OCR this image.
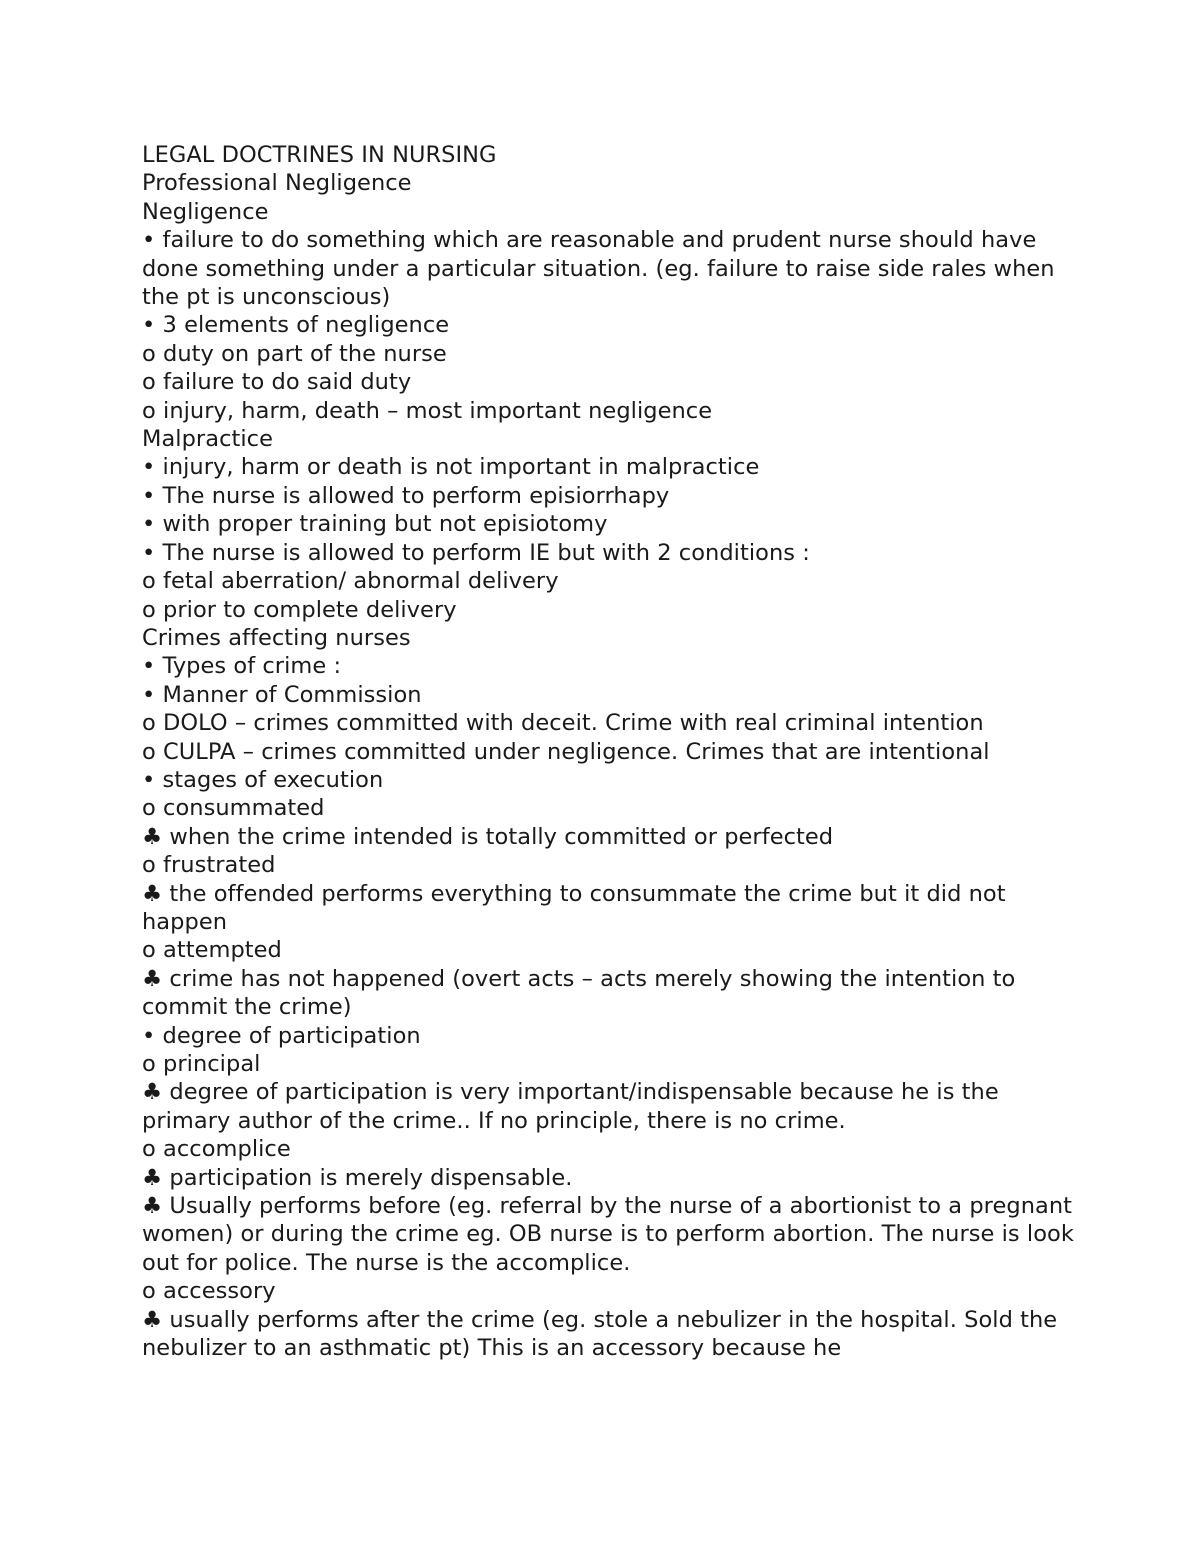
LEGAL DOCTRINES IN NURSING

Professional Negligence

Negligence

• failure to do something which are reasonable and prudent nurse should have done something under a particular situation. (eg. failure to raise side rales when the pt is unconscious)

• 3 elements of negligence

o duty on part of the nurse

o failure to do said duty

o injury, harm, death – most important negligence

Malpractice

• injury, harm or death is not important in malpractice

• The nurse is allowed to perform episiorrhapy

• with proper training but not episiotomy

• The nurse is allowed to perform IE but with 2 conditions :

o fetal aberration/ abnormal delivery

o prior to complete delivery

Crimes affecting nurses

• Types of crime :

• Manner of Commission

o DOLO – crimes committed with deceit. Crime with real criminal intention

o CULPA – crimes committed under negligence. Crimes that are intentional

• stages of execution

o consummated

♣ when the crime intended is totally committed or perfected

o frustrated

♣ the offended performs everything to consummate the crime but it did not happen

o attempted

♣ crime has not happened (overt acts – acts merely showing the intention to commit the crime)

• degree of participation

o principal

♣ degree of participation is very important/indispensable because he is the primary author of the crime.. If no principle, there is no crime.

o accomplice

♣ participation is merely dispensable.

♣ Usually performs before (eg. referral by the nurse of a abortionist to a pregnant women) or during the crime eg. OB nurse is to perform abortion. The nurse is look out for police. The nurse is the accomplice.

o accessory

♣ usually performs after the crime (eg. stole a nebulizer in the hospital. Sold the nebulizer to an asthmatic pt) This is an accessory because he
